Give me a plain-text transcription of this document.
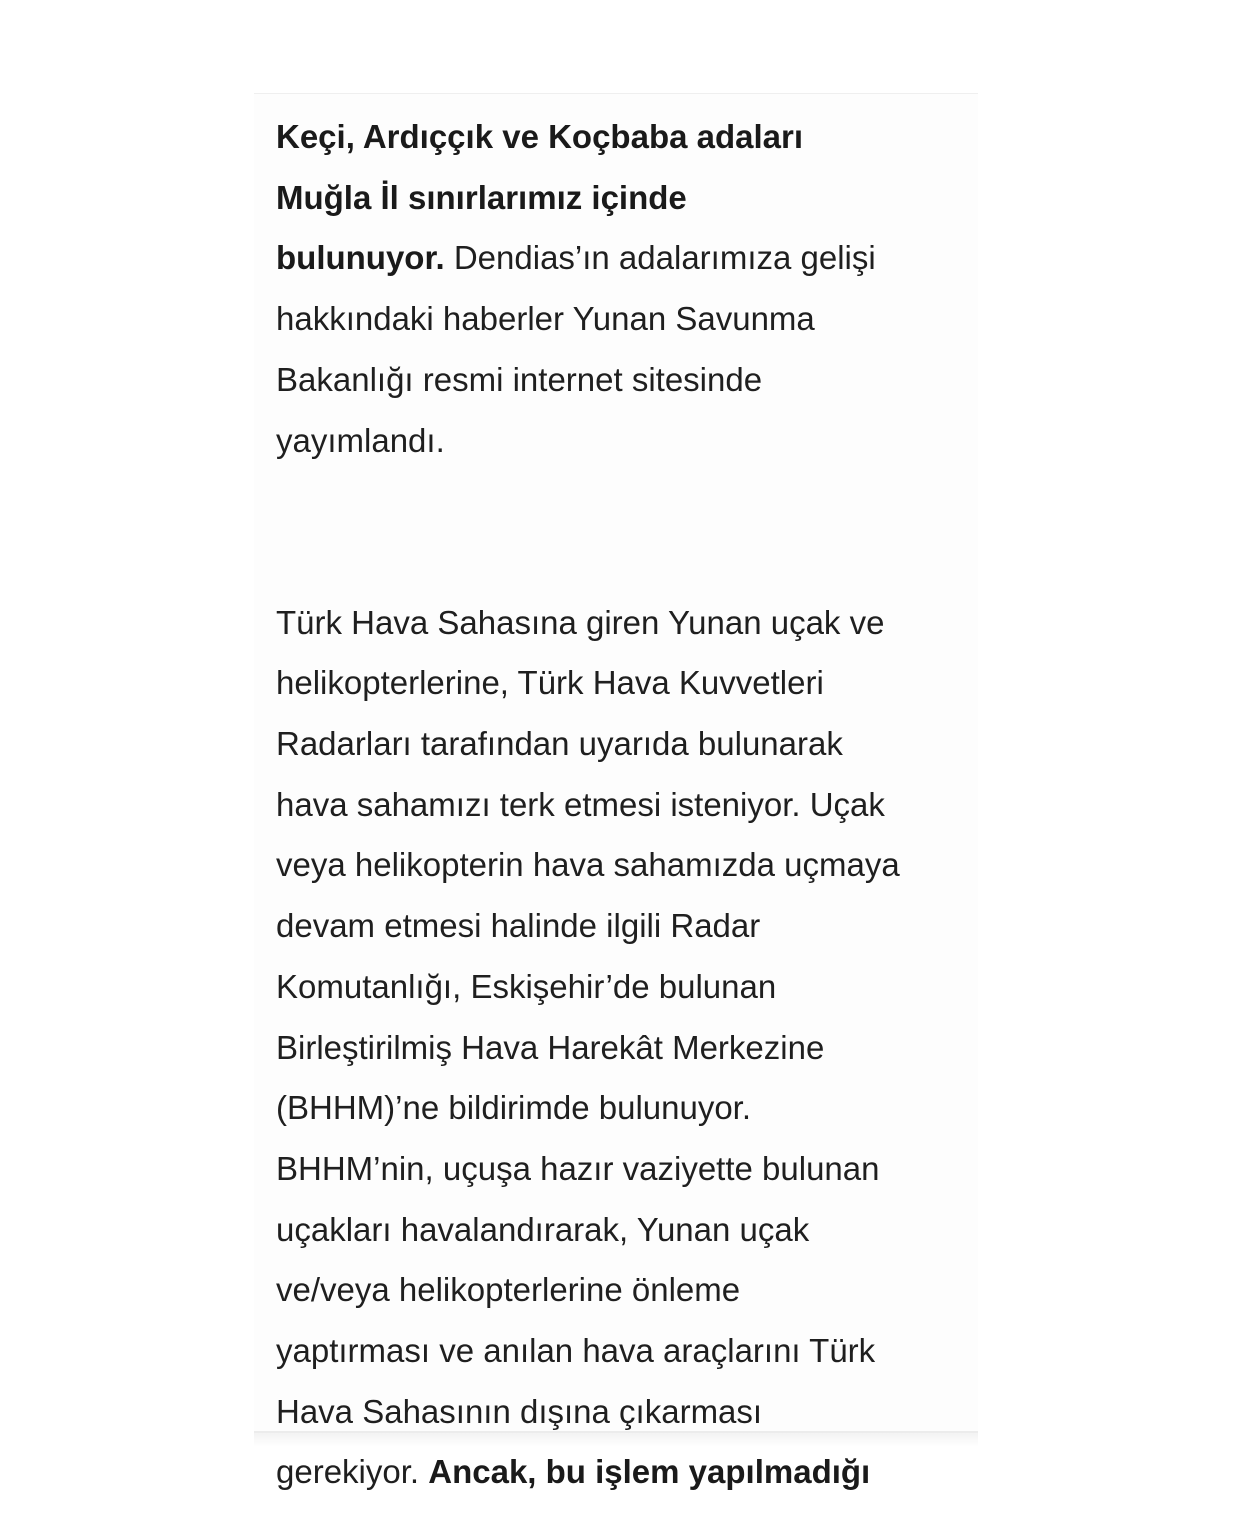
Keçi, Ardıççık ve Koçbaba adaları
Muğla İl sınırlarımız içinde
bulunuyor. Dendias’ın adalarımıza gelişi
hakkındaki haberler Yunan Savunma
Bakanlığı resmi internet sitesinde
yayımlandı.
Türk Hava Sahasına giren Yunan uçak ve
helikopterlerine, Türk Hava Kuvvetleri
Radarları tarafından uyarıda bulunarak
hava sahamızı terk etmesi isteniyor. Uçak
veya helikopterin hava sahamızda uçmaya
devam etmesi halinde ilgili Radar
Komutanlığı, Eskişehir’de bulunan
Birleştirilmiş Hava Harekât Merkezine
(BHHM)’ne bildirimde bulunuyor.
BHHM’nin, uçuşa hazır vaziyette bulunan
uçakları havalandırarak, Yunan uçak
ve/veya helikopterlerine önleme
yaptırması ve anılan hava araçlarını Türk
Hava Sahasının dışına çıkarması
gerekiyor. Ancak, bu işlem yapılmadığı
